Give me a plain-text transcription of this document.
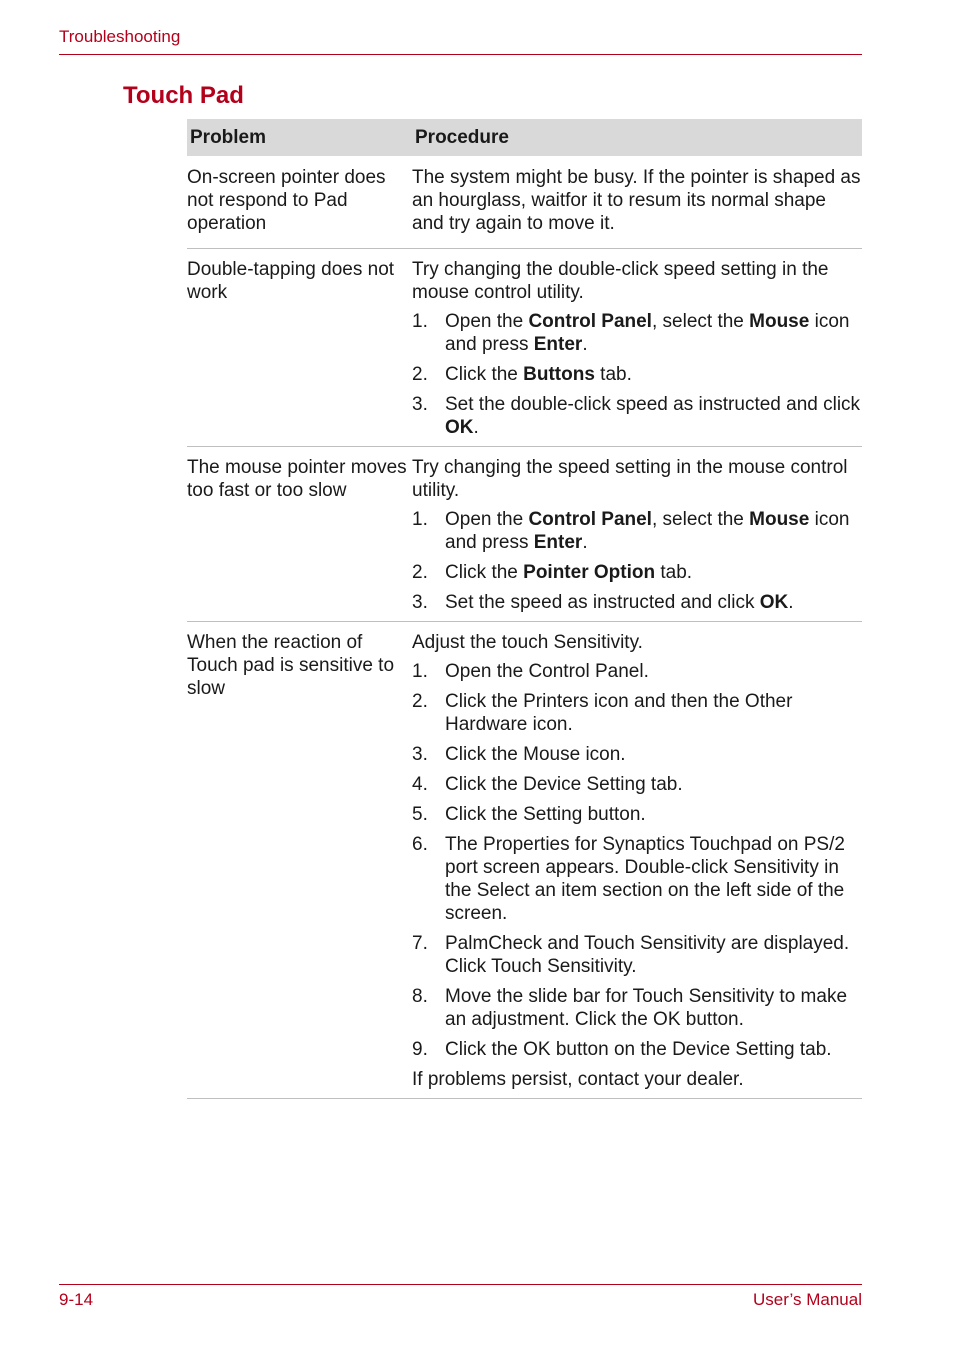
Troubleshooting
Touch Pad
Problem	Procedure
On-screen pointer does not respond to Pad operation

The system might be busy. If the pointer is shaped as an hourglass, waitfor it to resum its normal shape and try again to move it.

Double-tapping does not work

Try changing the double-click speed setting in the mouse control utility.

1. Open the Control Panel, select the Mouse icon and press Enter.
2. Click the Buttons tab.
3. Set the double-click speed as instructed and click OK.
The mouse pointer moves too fast or too slow

Try changing the speed setting in the mouse control utility.

1. Open the Control Panel, select the Mouse icon and press Enter.
2. Click the Pointer Option tab.
3. Set the speed as instructed and click OK.
When the reaction of Touch pad is sensitive to slow

Adjust the touch Sensitivity.

1. Open the Control Panel.
2. Click the Printers icon and then the Other Hardware icon.
3. Click the Mouse icon.
4. Click the Device Setting tab.
5. Click the Setting button.
6. The Properties for Synaptics Touchpad on PS/2 port screen appears. Double-click Sensitivity in the Select an item section on the left side of the screen.
7. PalmCheck and Touch Sensitivity are displayed. Click Touch Sensitivity.
8. Move the slide bar for Touch Sensitivity to make an adjustment. Click the OK button.
9. Click the OK button on the Device Setting tab.

If problems persist, contact your dealer.

9-14	User’s Manual
